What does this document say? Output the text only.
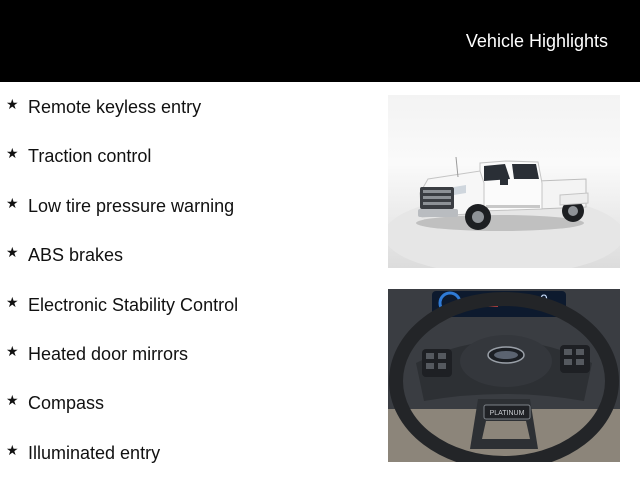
Vehicle Highlights
★ Remote keyless entry
★ Traction control
★ Low tire pressure warning
★ ABS brakes
★ Electronic Stability Control
★ Heated door mirrors
★ Compass
★ Illuminated entry
0
PLATINUM
